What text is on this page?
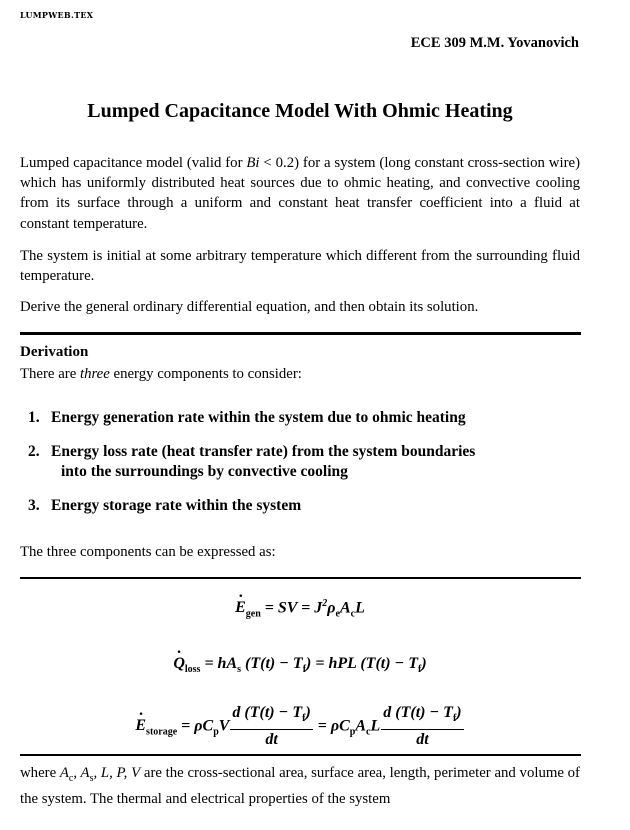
LUMPWEB.TEX
ECE 309 M.M. Yovanovich
Lumped Capacitance Model With Ohmic Heating
Lumped capacitance model (valid for Bi < 0.2) for a system (long constant cross-section wire) which has uniformly distributed heat sources due to ohmic heating, and convective cooling from its surface through a uniform and constant heat transfer coefficient into a fluid at constant temperature.
The system is initial at some arbitrary temperature which different from the surrounding fluid temperature.
Derive the general ordinary differential equation, and then obtain its solution.
Derivation
There are three energy components to consider:
1. Energy generation rate within the system due to ohmic heating
2. Energy loss rate (heat transfer rate) from the system boundaries
into the surroundings by convective cooling
3. Energy storage rate within the system
The three components can be expressed as:
· $E_{gen}$ = SV = $J^2\rho_eA_cL$
· $Q_{loss} = hA_s$ $(T(t) - T_f)$ = hPL $(T(t) - T_f)$
· $E_{storage} = \rho C_pV \frac{d (T(t) - T_f)}{dt} = \rho C_pA_cL \frac{d (T(t) - T_f)}{dt}$
where $A_c$, $A_s$, L, P, V are the cross-sectional area, surface area, length, perimeter and volume of the system. The thermal and electrical properties of the system
